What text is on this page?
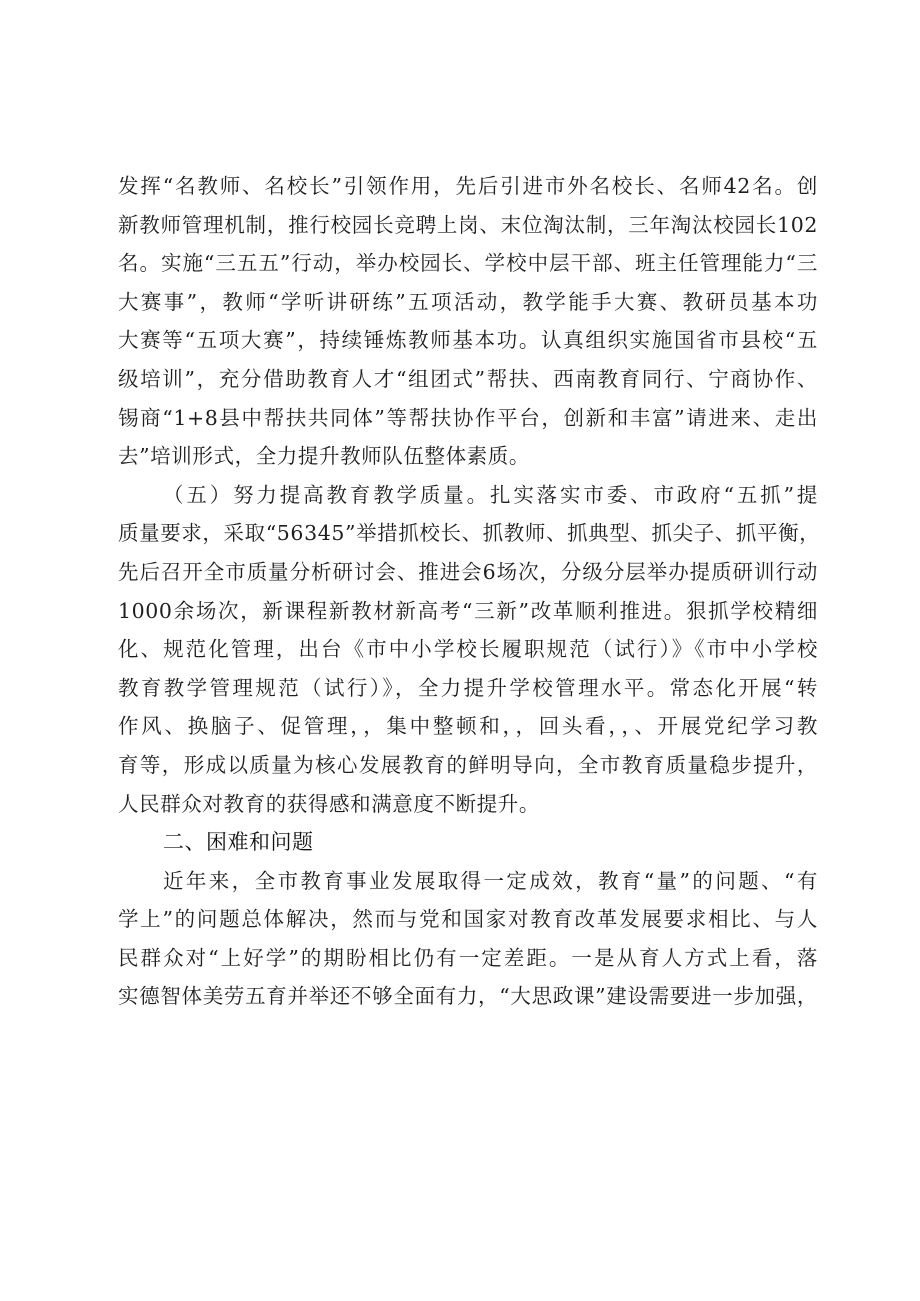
发挥“名教师、名校长”引领作用，先后引进市外名校长、名师42名。创
新教师管理机制，推行校园长竞聘上岗、末位淘汰制，三年淘汰校园长102
名。实施“三五五”行动，举办校园长、学校中层干部、班主任管理能力“三
大赛事”，教师“学听讲研练”五项活动，教学能手大赛、教研员基本功
大赛等“五项大赛”，持续锤炼教师基本功。认真组织实施国省市县校“五
级培训”，充分借助教育人才“组团式”帮扶、西南教育同行、宁商协作、
锡商“1+8县中帮扶共同体”等帮扶协作平台，创新和丰富”请进来、走出
去”培训形式，全力提升教师队伍整体素质。
（五）努力提高教育教学质量。扎实落实市委、市政府“五抓”提
质量要求，采取“56345”举措抓校长、抓教师、抓典型、抓尖子、抓平衡，
先后召开全市质量分析研讨会、推进会6场次，分级分层举办提质研训行动
1000余场次，新课程新教材新高考“三新”改革顺利推进。狠抓学校精细
化、规范化管理，出台《市中小学校长履职规范（试行）》《市中小学校
教育教学管理规范（试行）》，全力提升学校管理水平。常态化开展“转
作风、换脑子、促管理，，集中整顿和，，回头看，，、开展党纪学习教
育等，形成以质量为核心发展教育的鲜明导向，全市教育质量稳步提升，
人民群众对教育的获得感和满意度不断提升。
二、困难和问题
近年来，全市教育事业发展取得一定成效，教育“量”的问题、“有
学上”的问题总体解决，然而与党和国家对教育改革发展要求相比、与人
民群众对“上好学”的期盼相比仍有一定差距。一是从育人方式上看，落
实德智体美劳五育并举还不够全面有力，“大思政课”建设需要进一步加强，
